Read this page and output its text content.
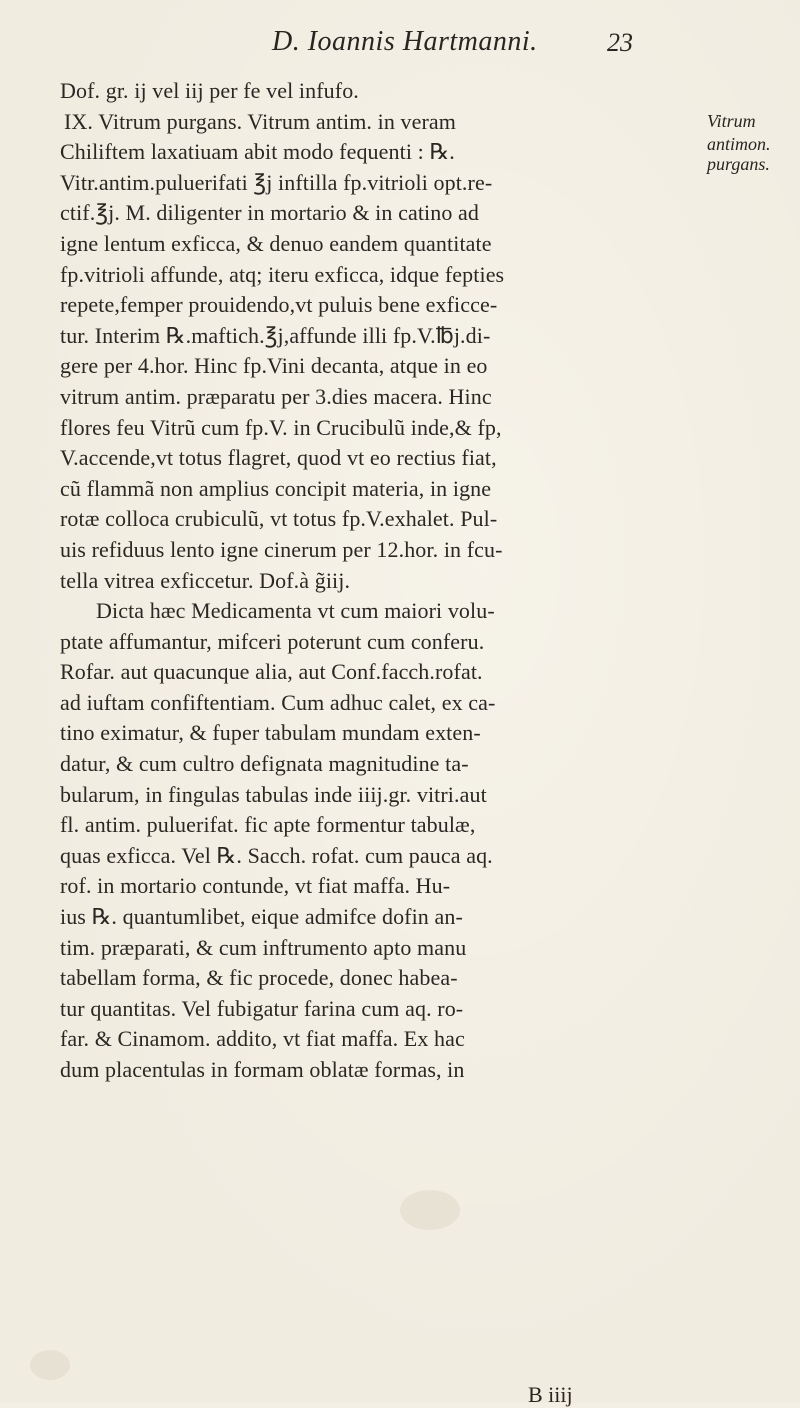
D. Ioannis Hartmanni.	23
Dof. gr. ij vel iij per fe vel infufo.
IX. Vitrum purgans. Vitrum antim. in veram
Chiliftem laxatiuam abit modo fequenti : ℞.
Vitr.antim.puluerifati ℥j inftilla fp.vitrioli opt.re-
ctif.℥j. M. diligenter in mortario & in catino ad
igne lentum exficca, & denuo eandem quantitate
fp.vitrioli affunde, atq; iteru exficca, idque fepties
repete,femper prouidendo,vt puluis bene exficce-
tur. Interim ℞.maftich.℥j,affunde illi fp.V.℔j.di-
gere per 4.hor. Hinc fp.Vini decanta, atque in eo
vitrum antim. præparatu per 3.dies macera. Hinc
flores feu Vitrũ cum fp.V. in Crucibulũ inde,& fp,
V.accende,vt totus flagret, quod vt eo rectius fiat,
cũ flammã non amplius concipit materia, in igne
rotæ colloca crubiculũ, vt totus fp.V.exhalet. Pul-
uis refiduus lento igne cinerum per 12.hor. in fcu-
tella vitrea exficcetur. Dof.à g̃iij.
Dicta hæc Medicamenta vt cum maiori volu-
ptate affumantur, mifceri poterunt cum conferu.
Rofar. aut quacunque alia, aut Conf.facch.rofat.
ad iuftam confiftentiam. Cum adhuc calet, ex ca-
tino eximatur, & fuper tabulam mundam exten-
datur, & cum cultro defignata magnitudine ta-
bularum, in fingulas tabulas inde iiij.gr. vitri.aut
fl. antim. puluerifat. fic apte formentur tabulæ,
quas exficca. Vel ℞. Sacch. rofat. cum pauca aq.
rof. in mortario contunde, vt fiat maffa. Hu-
ius ℞. quantumlibet, eique admifce dofin an-
tim. præparati, & cum inftrumento apto manu
tabellam forma, & fic procede, donec habea-
tur quantitas. Vel fubigatur farina cum aq. ro-
far. & Cinamom. addito, vt fiat maffa. Ex hac
dum placentulas in formam oblatæ formas, in
Vitrum
antimon.
purgans.
B iiij
